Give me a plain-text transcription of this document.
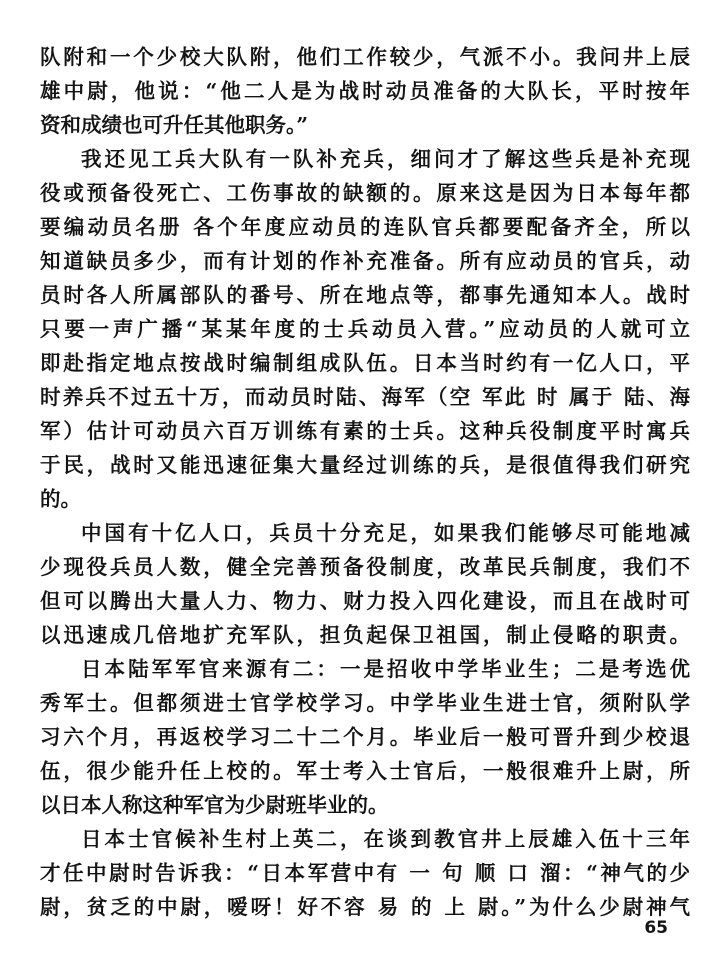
队附和一个少校大队附，他们工作较少，气派不小。我问井上辰
雄中尉，他说：“他二人是为战时动员准备的大队长，平时按年
资和成绩也可升任其他职务。”
我还见工兵大队有一队补充兵，细问才了解这些兵是补充现
役或预备役死亡、工伤事故的缺额的。原来这是因为日本每年都
要编动员名册 各个年度应动员的连队官兵都要配备齐全，所以
知道缺员多少，而有计划的作补充准备。所有应动员的官兵，动
员时各人所属部队的番号、所在地点等，都事先通知本人。战时
只要一声广播“某某年度的士兵动员入营。”应动员的人就可立
即赴指定地点按战时编制组成队伍。日本当时约有一亿人口，平
时养兵不过五十万，而动员时陆、海军（空 军此 时 属于 陆、海
军）估计可动员六百万训练有素的士兵。这种兵役制度平时寓兵
于民，战时又能迅速征集大量经过训练的兵，是很值得我们研究
的。
中国有十亿人口，兵员十分充足，如果我们能够尽可能地减
少现役兵员人数，健全完善预备役制度，改革民兵制度，我们不
但可以腾出大量人力、物力、财力投入四化建设，而且在战时可
以迅速成几倍地扩充军队，担负起保卫祖国，制止侵略的职责。
日本陆军军官来源有二：一是招收中学毕业生；二是考选优
秀军士。但都须进士官学校学习。中学毕业生进士官，须附队学
习六个月，再返校学习二十二个月。毕业后一般可晋升到少校退
伍，很少能升任上校的。军士考入士官后，一般很难升上尉，所
以日本人称这种军官为少尉班毕业的。
日本士官候补生村上英二，在谈到教官井上辰雄入伍十三年
才任中尉时告诉我：“日本军营中有 一 句 顺 口 溜：“神气的少
尉，贫乏的中尉，嗳呀！好不容 易 的 上 尉。”为什么少尉神气
65
